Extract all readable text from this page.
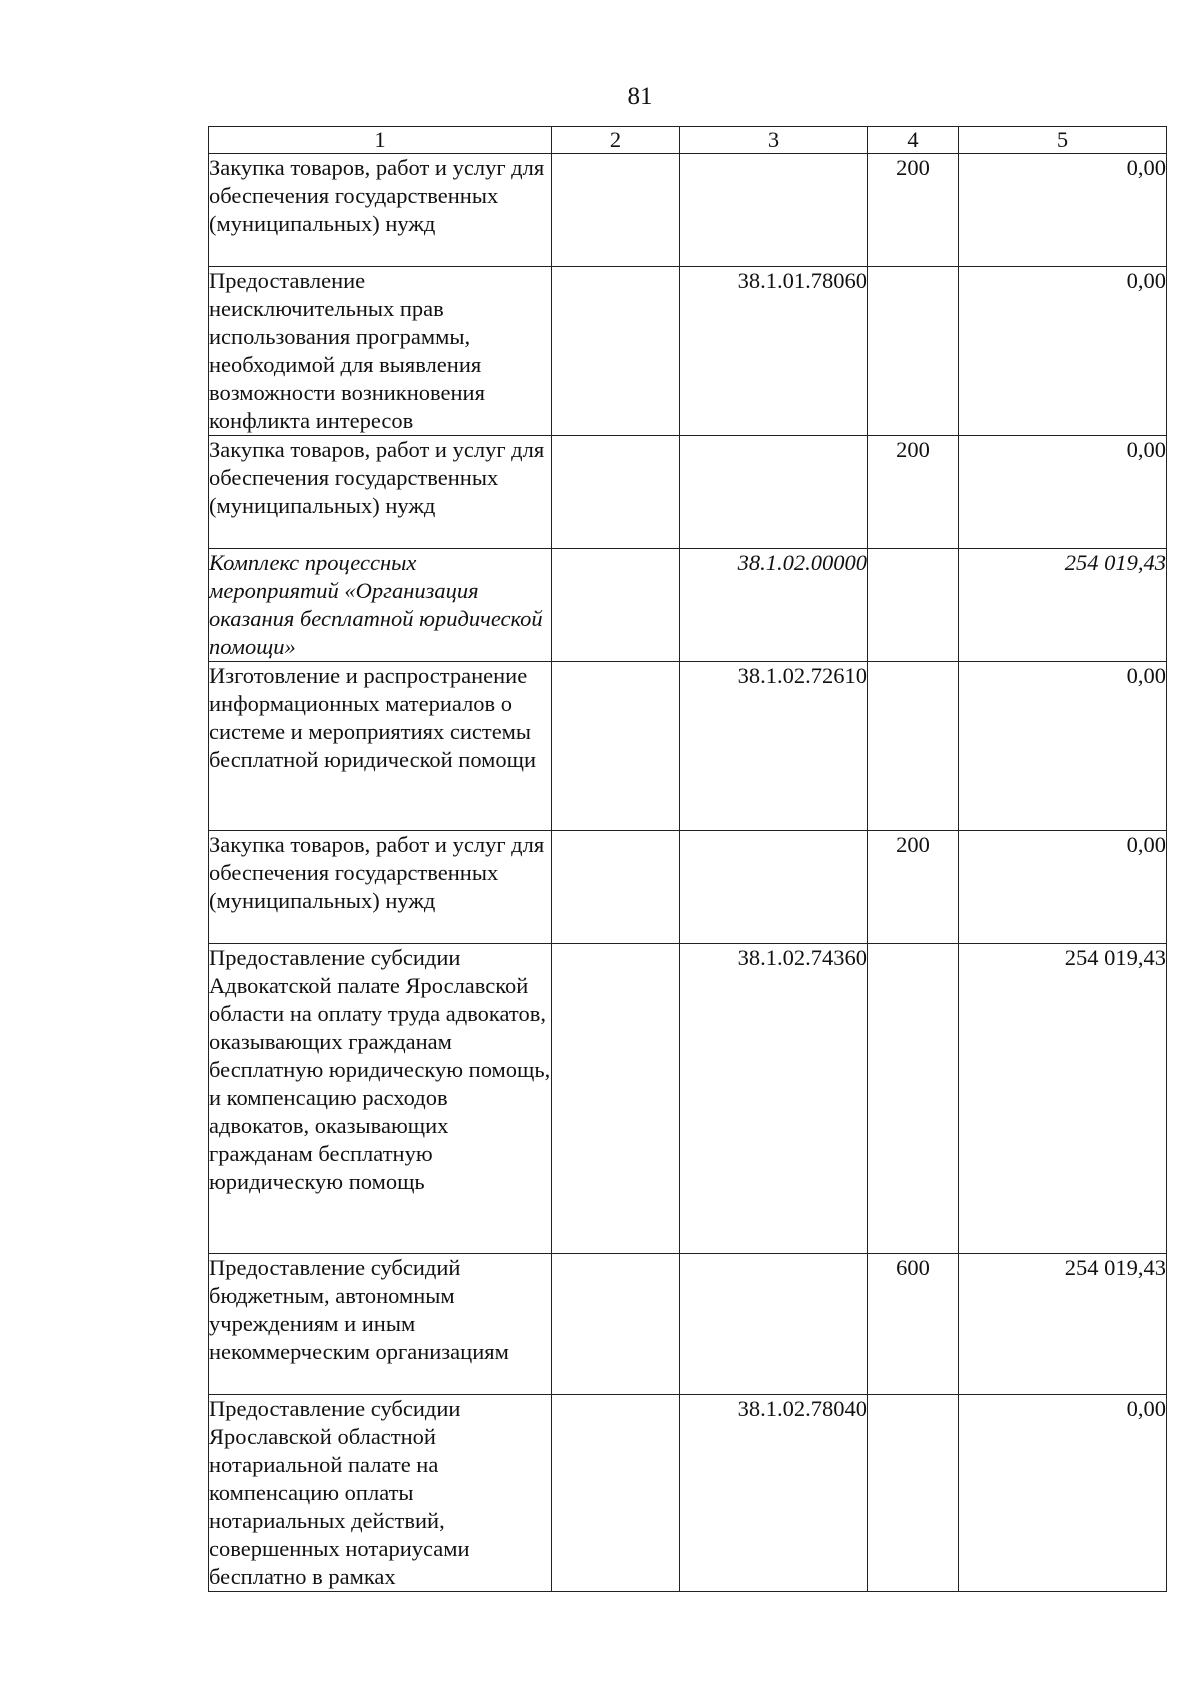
81
1	2	3	4	5
Закупка товаров, работ и услуг для обеспечения государственных (муниципальных) нужд			200	0,00
Предоставление неисключительных прав использования программы, необходимой для выявления возможности возникновения конфликта интересов		38.1.01.78060		0,00
Закупка товаров, работ и услуг для обеспечения государственных (муниципальных) нужд			200	0,00
Комплекс процессных мероприятий «Организация оказания бесплатной юридической помощи»		38.1.02.00000		254 019,43
Изготовление и распространение информационных материалов о системе и мероприятиях системы бесплатной юридической помощи		38.1.02.72610		0,00
Закупка товаров, работ и услуг для обеспечения государственных (муниципальных) нужд			200	0,00
Предоставление субсидии Адвокатской палате Ярославской области на оплату труда адвокатов, оказывающих гражданам бесплатную юридическую помощь, и компенсацию расходов адвокатов, оказывающих гражданам бесплатную юридическую помощь		38.1.02.74360		254 019,43
Предоставление субсидий бюджетным, автономным учреждениям и иным некоммерческим организациям			600	254 019,43
Предоставление субсидии Ярославской областной нотариальной палате на компенсацию оплаты нотариальных действий, совершенных нотариусами бесплатно в рамках		38.1.02.78040		0,00
